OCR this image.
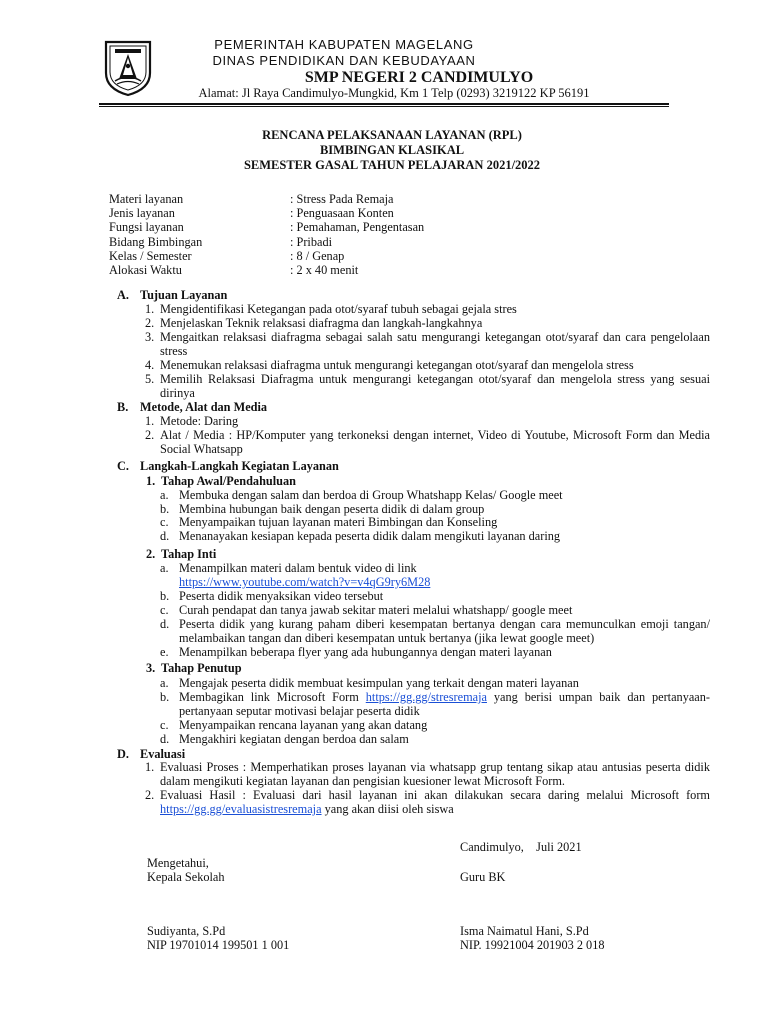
PEMERINTAH KABUPATEN MAGELANG
DINAS PENDIDIKAN DAN KEBUDAYAAN
SMP NEGERI 2 CANDIMULYO
Alamat: Jl Raya Candimulyo-Mungkid, Km 1 Telp (0293) 3219122 KP 56191
RENCANA PELAKSANAAN LAYANAN (RPL)
BIMBINGAN KLASIKAL
SEMESTER GASAL TAHUN PELAJARAN 2021/2022
Materi layanan	: Stress Pada Remaja
Jenis layanan	: Penguasaan Konten
Fungsi layanan	: Pemahaman, Pengentasan
Bidang Bimbingan	: Pribadi
Kelas / Semester	: 8 / Genap
Alokasi Waktu	: 2 x 40 menit
A. Tujuan Layanan
1. Mengidentifikasi Ketegangan pada otot/syaraf tubuh sebagai gejala stres
2. Menjelaskan Teknik relaksasi diafragma dan langkah-langkahnya
3. Mengaitkan relaksasi diafragma sebagai salah satu mengurangi ketegangan otot/syaraf dan cara pengelolaan stress
4. Menemukan relaksasi diafragma untuk mengurangi ketegangan otot/syaraf dan mengelola stress
5. Memilih Relaksasi Diafragma untuk mengurangi ketegangan otot/syaraf dan mengelola stress yang sesuai dirinya
B. Metode, Alat dan Media
1. Metode: Daring
2. Alat / Media : HP/Komputer yang terkoneksi dengan internet, Video di Youtube, Microsoft Form dan Media Social Whatsapp
C. Langkah-Langkah Kegiatan Layanan
1. Tahap Awal/Pendahuluan
a. Membuka dengan salam dan berdoa di Group Whatshapp Kelas/ Google meet
b. Membina hubungan baik dengan peserta didik di dalam group
c. Menyampaikan tujuan layanan materi Bimbingan dan Konseling
d. Menanayakan kesiapan kepada peserta didik dalam mengikuti layanan daring
2. Tahap Inti
a. Menampilkan materi dalam bentuk video di link
https://www.youtube.com/watch?v=v4qG9ry6M28
b. Peserta didik menyaksikan video tersebut
c. Curah pendapat dan tanya jawab sekitar materi melalui whatshapp/ google meet
d. Peserta didik yang kurang paham diberi kesempatan bertanya dengan cara memunculkan emoji tangan/ melambaikan tangan dan diberi kesempatan untuk bertanya (jika lewat google meet)
e. Menampilkan beberapa flyer yang ada hubungannya dengan materi layanan
3. Tahap Penutup
a. Mengajak peserta didik membuat kesimpulan yang terkait dengan materi layanan
b. Membagikan link Microsoft Form https://gg.gg/stresremaja yang berisi umpan baik dan pertanyaan-pertanyaan seputar motivasi belajar peserta didik
c. Menyampaikan rencana layanan yang akan datang
d. Mengakhiri kegiatan dengan berdoa dan salam
D. Evaluasi
1. Evaluasi Proses : Memperhatikan proses layanan via whatsapp grup tentang sikap atau antusias peserta didik dalam mengikuti kegiatan layanan dan pengisian kuesioner lewat Microsoft Form.
2. Evaluasi Hasil : Evaluasi dari hasil layanan ini akan dilakukan secara daring melalui Microsoft form https://gg.gg/evaluasistresremaja yang akan diisi oleh siswa
Candimulyo,    Juli 2021
Mengetahui,
Kepala Sekolah	Guru BK
Sudiyanta, S.Pd
NIP 19701014 199501 1 001
Isma Naimatul Hani, S.Pd
NIP. 19921004 201903 2 018
